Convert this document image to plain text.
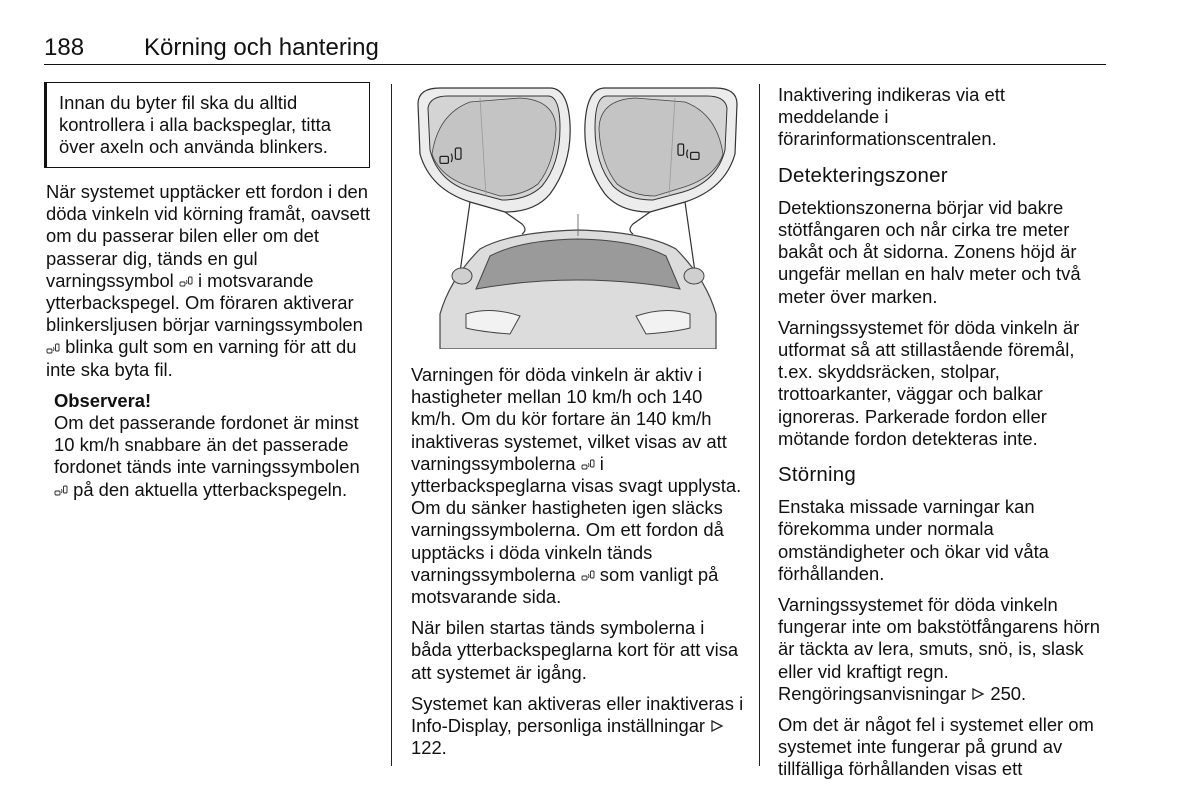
188 Körning och hantering
Innan du byter fil ska du alltid kontrollera i alla backspeglar, titta över axeln och använda blinkers.

När systemet upptäcker ett fordon i den döda vinkeln vid körning framåt, oavsett om du passerar bilen eller om det passerar dig, tänds en gul varningssymbol
i motsvarande ytterbackspegel. Om föraren aktiverar blinkersljusen börjar varningssymbolen
blinka gult som en varning för att du inte ska byta fil.

Observera!
Om det passerande fordonet är minst 10 km/h snabbare än det passerade fordonet tänds inte varningssymbolen
på den aktuella ytterbackspegeln.

Varningen för döda vinkeln är aktiv i hastigheter mellan 10 km/h och 140 km/h. Om du kör fortare än 140 km/h inaktiveras systemet, vilket visas av att varningssymbolerna
i ytterbackspeglarna visas svagt upplysta. Om du sänker hastigheten igen släcks varningssymbolerna. Om ett fordon då upptäcks i döda vinkeln tänds varningssymbolerna
som vanligt på motsvarande sida.

När bilen startas tänds symbolerna i båda ytterbackspeglarna kort för att visa att systemet är igång.

Systemet kan aktiveras eller inaktiveras i Info-Display, personliga inställningar  122.

Inaktivering indikeras via ett meddelande i förarinformationscentralen.

Detekteringszoner

Detektionszonerna börjar vid bakre stötfångaren och når cirka tre meter bakåt och åt sidorna. Zonens höjd är ungefär mellan en halv meter och två meter över marken.

Varningssystemet för döda vinkeln är utformat så att stillastående föremål, t.ex. skyddsräcken, stolpar, trottoarkanter, väggar och balkar ignoreras. Parkerade fordon eller mötande fordon detekteras inte.

Störning

Enstaka missade varningar kan förekomma under normala omständigheter och ökar vid våta förhållanden.

Varningssystemet för döda vinkeln fungerar inte om bakstötfångarens hörn är täckta av lera, smuts, snö, is, slask eller vid kraftigt regn. Rengöringsanvisningar  250.

Om det är något fel i systemet eller om systemet inte fungerar på grund av tillfälliga förhållanden visas ett
